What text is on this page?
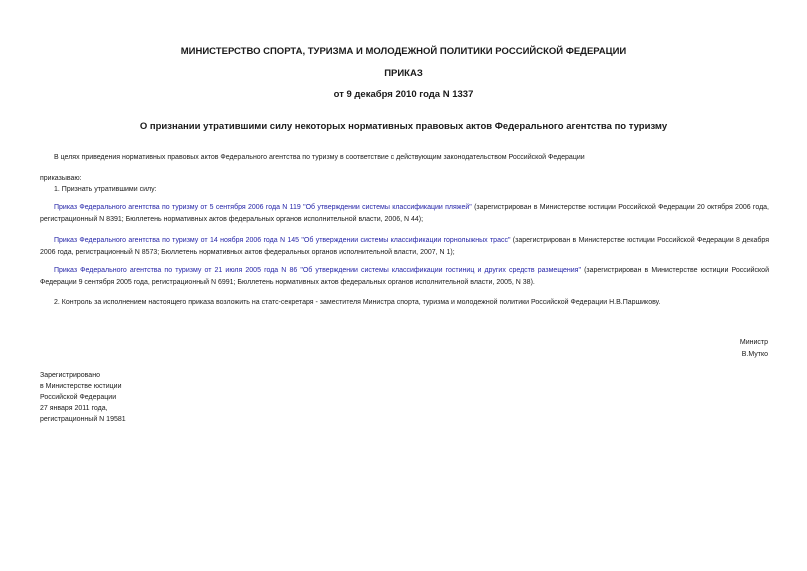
МИНИСТЕРСТВО СПОРТА, ТУРИЗМА И МОЛОДЕЖНОЙ ПОЛИТИКИ РОССИЙСКОЙ ФЕДЕРАЦИИ
ПРИКАЗ
от 9 декабря 2010 года N 1337
О признании утратившими силу некоторых нормативных правовых актов Федерального агентства по туризму
В целях приведения нормативных правовых актов Федерального агентства по туризму в соответствие с действующим законодательством Российской Федерации
приказываю:
1. Признать утратившими силу:
Приказ Федерального агентства по туризму от 5 сентября 2006 года N 119 "Об утверждении системы классификации пляжей" (зарегистрирован в Министерстве юстиции Российской Федерации 20 октября 2006 года, регистрационный N 8391; Бюллетень нормативных актов федеральных органов исполнительной власти, 2006, N 44);
Приказ Федерального агентства по туризму от 14 ноября 2006 года N 145 "Об утверждении системы классификации горнолыжных трасс" (зарегистрирован в Министерстве юстиции Российской Федерации 8 декабря 2006 года, регистрационный N 8573; Бюллетень нормативных актов федеральных органов исполнительной власти, 2007, N 1);
Приказ Федерального агентства по туризму от 21 июля 2005 года N 86 "Об утверждении системы классификации гостиниц и других средств размещения" (зарегистрирован в Министерстве юстиции Российской Федерации 9 сентября 2005 года, регистрационный N 6991; Бюллетень нормативных актов федеральных органов исполнительной власти, 2005, N 38).
2. Контроль за исполнением настоящего приказа возложить на статс-секретаря - заместителя Министра спорта, туризма и молодежной политики Российской Федерации Н.В.Паршикову.
Министр
В.Мутко
Зарегистрировано
в Министерстве юстиции
Российской Федерации
27 января 2011 года,
регистрационный N 19581
